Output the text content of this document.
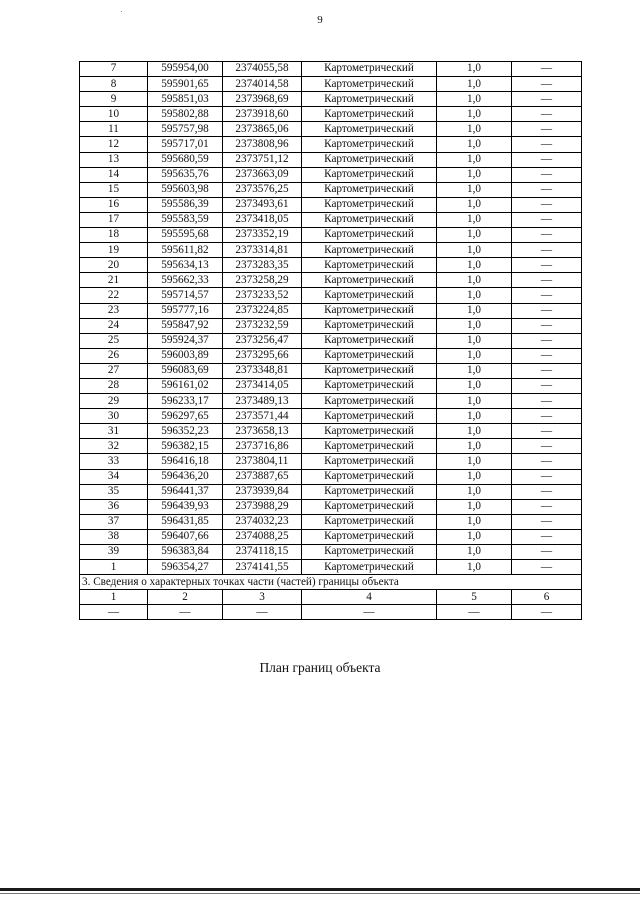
9
7	595954,00	2374055,58	Картометрический	1,0	—
8	595901,65	2374014,58	Картометрический	1,0	—
9	595851,03	2373968,69	Картометрический	1,0	—
10	595802,88	2373918,60	Картометрический	1,0	—
11	595757,98	2373865,06	Картометрический	1,0	—
12	595717,01	2373808,96	Картометрический	1,0	—
13	595680,59	2373751,12	Картометрический	1,0	—
14	595635,76	2373663,09	Картометрический	1,0	—
15	595603,98	2373576,25	Картометрический	1,0	—
16	595586,39	2373493,61	Картометрический	1,0	—
17	595583,59	2373418,05	Картометрический	1,0	—
18	595595,68	2373352,19	Картометрический	1,0	—
19	595611,82	2373314,81	Картометрический	1,0	—
20	595634,13	2373283,35	Картометрический	1,0	—
21	595662,33	2373258,29	Картометрический	1,0	—
22	595714,57	2373233,52	Картометрический	1,0	—
23	595777,16	2373224,85	Картометрический	1,0	—
24	595847,92	2373232,59	Картометрический	1,0	—
25	595924,37	2373256,47	Картометрический	1,0	—
26	596003,89	2373295,66	Картометрический	1,0	—
27	596083,69	2373348,81	Картометрический	1,0	—
28	596161,02	2373414,05	Картометрический	1,0	—
29	596233,17	2373489,13	Картометрический	1,0	—
30	596297,65	2373571,44	Картометрический	1,0	—
31	596352,23	2373658,13	Картометрический	1,0	—
32	596382,15	2373716,86	Картометрический	1,0	—
33	596416,18	2373804,11	Картометрический	1,0	—
34	596436,20	2373887,65	Картометрический	1,0	—
35	596441,37	2373939,84	Картометрический	1,0	—
36	596439,93	2373988,29	Картометрический	1,0	—
37	596431,85	2374032,23	Картометрический	1,0	—
38	596407,66	2374088,25	Картометрический	1,0	—
39	596383,84	2374118,15	Картометрический	1,0	—
1	596354,27	2374141,55	Картометрический	1,0	—
3. Сведения о характерных точках части (частей) границы объекта					
1	2	3	4	5	6
—	—	—	—	—	—
План границ объекта
